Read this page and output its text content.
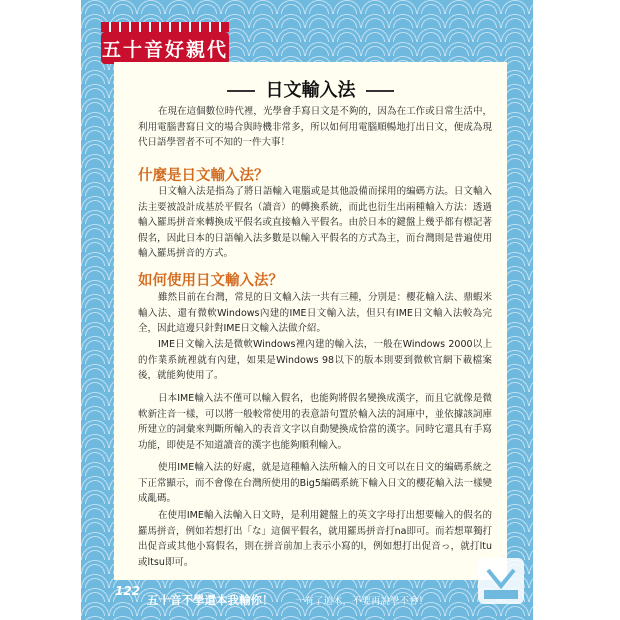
五十音好親代
日文輸入法

在現在這個數位時代裡，光學會手寫日文是不夠的，因為在工作或日常生活中，利用電腦書寫日文的場合與時機非常多，所以如何用電腦順暢地打出日文，便成為現代日語學習者不可不知的一件大事！

什麼是日文輸入法？

日文輸入法是指為了將日語輸入電腦或是其他設備而採用的編碼方法。日文輸入法主要被設計成基於平假名（讀音）的轉換系統，而此也衍生出兩種輸入方法：透過輸入羅馬拼音來轉換成平假名或直接輸入平假名。由於日本的鍵盤上幾乎都有標記著假名，因此日本的日語輸入法多數是以輸入平假名的方式為主，而台灣則是普遍使用輸入羅馬拼音的方式。

如何使用日文輸入法？

雖然目前在台灣，常見的日文輸入法一共有三種，分別是：櫻花輸入法、鼎蝦米輸入法、還有微軟Windows內建的IME日文輸入法，但只有IME日文輸入法較為完全，因此這邊只針對IME日文輸入法做介紹。

IME日文輸入法是微軟Windows裡內建的輸入法，一般在Windows 2000以上的作業系統裡就有內建，如果是Windows 98以下的版本則要到微軟官網下載檔案後，就能夠使用了。

日本IME輸入法不僅可以輸入假名，也能夠將假名變換成漢字，而且它就像是微軟新注音一樣，可以將一般較常使用的表意語句置於輸入法的詞庫中，並依據該詞庫所建立的詞彙來判斷所輸入的表音文字以自動變換成恰當的漢字。同時它還具有手寫功能，即使是不知道讀音的漢字也能夠順利輸入。

使用IME輸入法的好處，就是這種輸入法所輸入的日文可以在日文的編碼系統之下正常顯示，而不會像在台灣所使用的Big5編碼系統下輸入日文的櫻花輸入法一樣變成亂碼。

在使用IME輸入法輸入日文時，是利用鍵盤上的英文字母打出想要輸入的假名的羅馬拼音，例如若想打出「な」這個平假名，就用羅馬拼音打na即可。而若想單獨打出促音或其他小寫假名，則在拼音前加上表示小寫的l，例如想打出促音っ，就打ltu或ltsu即可。

122
五十音不學還本我輸你！ 一有了這本，不要再說學不會！
